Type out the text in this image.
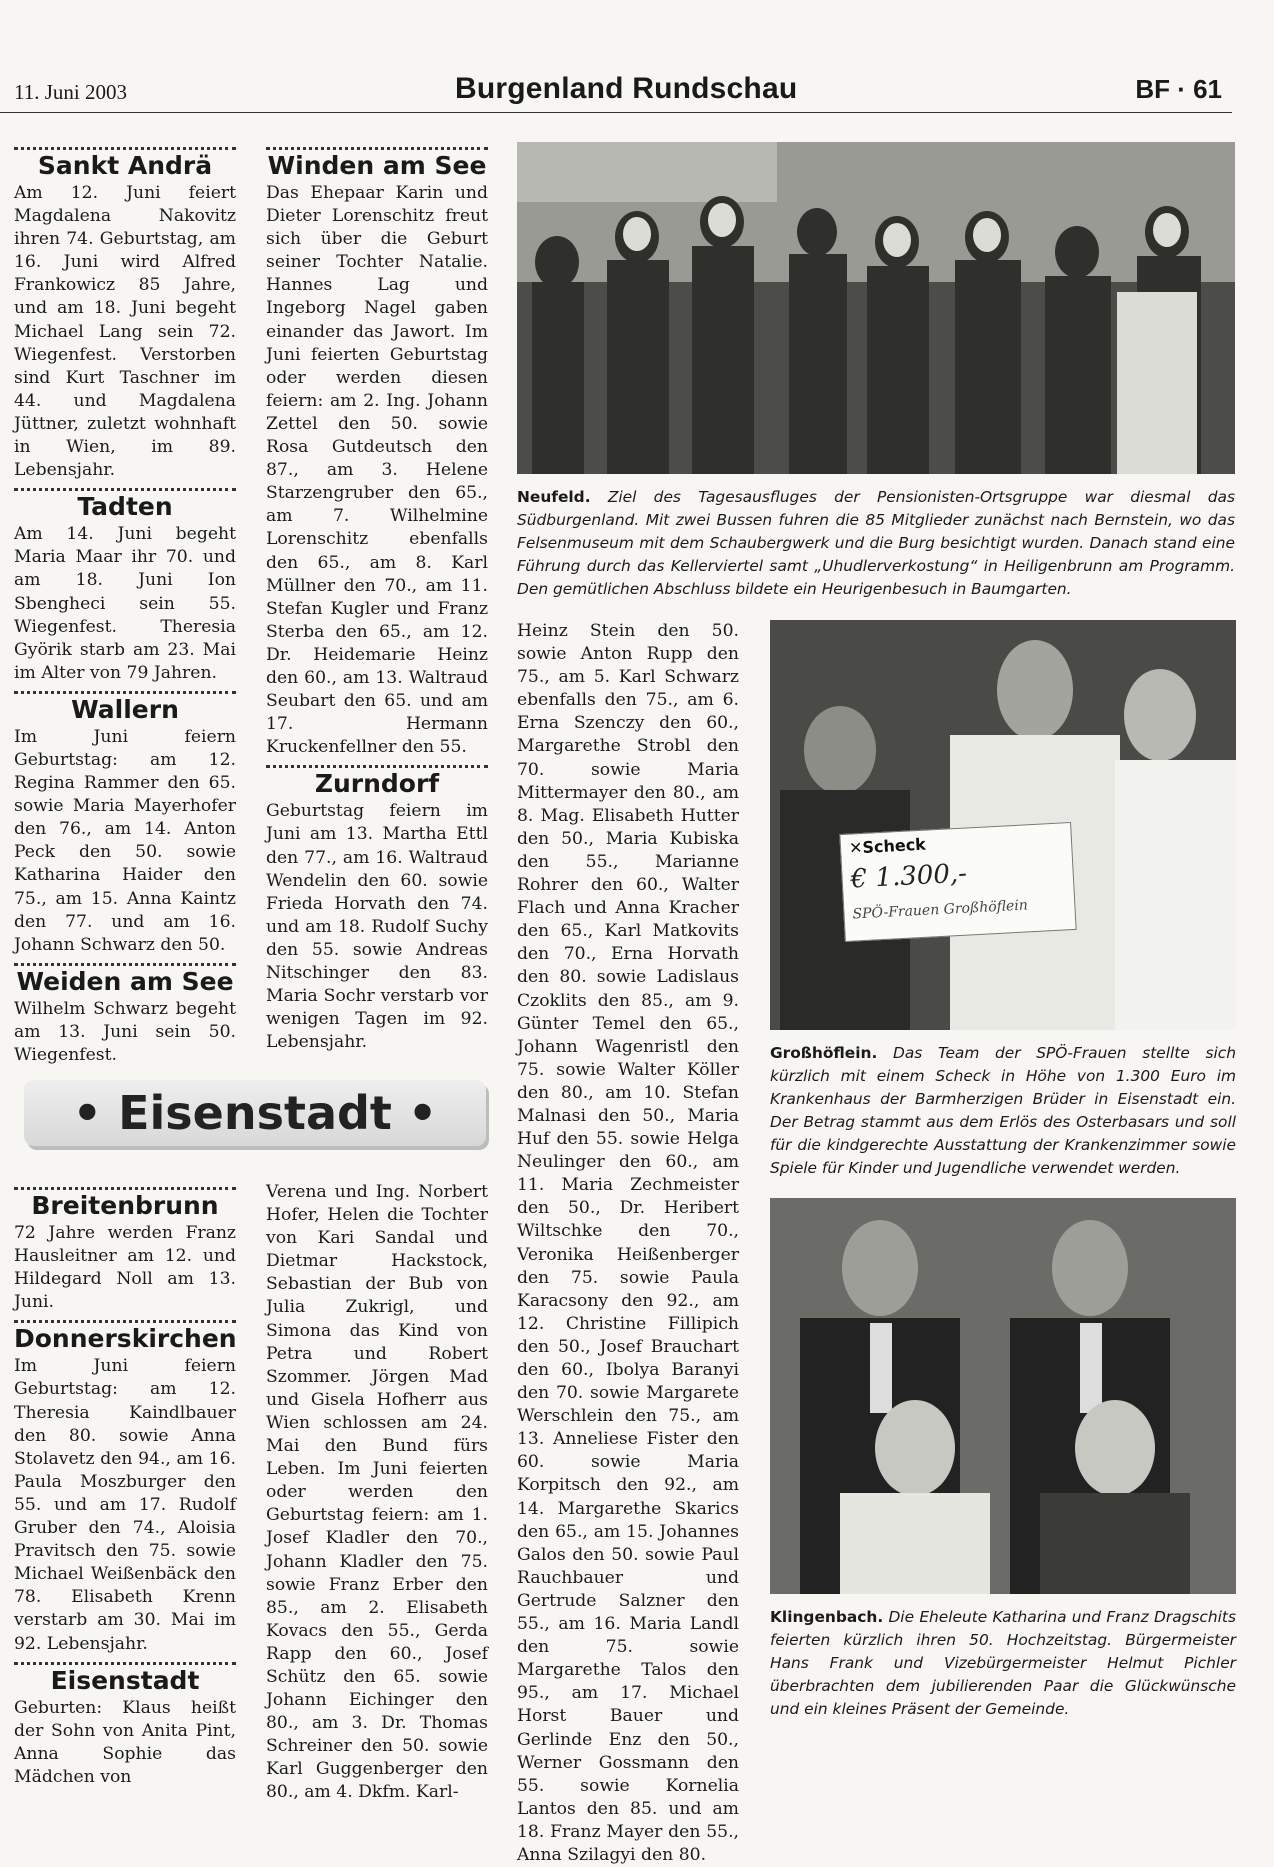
11. Juni 2003	Burgenland Rundschau	BF · 61
Sankt Andrä

Am 12. Juni feiert Magdalena Nakovitz ihren 74. Geburtstag, am 16. Juni wird Alfred Frankowicz 85 Jahre, und am 18. Juni begeht Michael Lang sein 72. Wiegenfest. Verstorben sind Kurt Taschner im 44. und Magdalena Jüttner, zuletzt wohnhaft in Wien, im 89. Lebensjahr.

Tadten

Am 14. Juni begeht Maria Maar ihr 70. und am 18. Juni Ion Sbengheci sein 55. Wiegenfest. Theresia Györik starb am 23. Mai im Alter von 79 Jahren.

Wallern

Im Juni feiern Geburtstag: am 12. Regina Rammer den 65. sowie Maria Mayerhofer den 76., am 14. Anton Peck den 50. sowie Katharina Haider den 75., am 15. Anna Kaintz den 77. und am 16. Johann Schwarz den 50.

Weiden am See

Wilhelm Schwarz begeht am 13. Juni sein 50. Wiegenfest.

Winden am See

Das Ehepaar Karin und Dieter Lorenschitz freut sich über die Geburt seiner Tochter Natalie. Hannes Lag und Ingeborg Nagel gaben einander das Jawort. Im Juni feierten Geburtstag oder werden diesen feiern: am 2. Ing. Johann Zettel den 50. sowie Rosa Gutdeutsch den 87., am 3. Helene Starzengruber den 65., am 7. Wilhelmine Lorenschitz ebenfalls den 65., am 8. Karl Müllner den 70., am 11. Stefan Kugler und Franz Sterba den 65., am 12. Dr. Heidemarie Heinz den 60., am 13. Waltraud Seubart den 65. und am 17. Hermann Kruckenfellner den 55.

Zurndorf

Geburtstag feiern im Juni am 13. Martha Ettl den 77., am 16. Waltraud Wendelin den 60. sowie Frieda Horvath den 74. und am 18. Rudolf Suchy den 55. sowie Andreas Nitschinger den 83. Maria Sochr verstarb vor wenigen Tagen im 92. Lebensjahr.

• Eisenstadt •
Breitenbrunn

72 Jahre werden Franz Hausleitner am 12. und Hildegard Noll am 13. Juni.

Donnerskirchen

Im Juni feiern Geburtstag: am 12. Theresia Kaindlbauer den 80. sowie Anna Stolavetz den 94., am 16. Paula Moszburger den 55. und am 17. Rudolf Gruber den 74., Aloisia Pravitsch den 75. sowie Michael Weißenbäck den 78. Elisabeth Krenn verstarb am 30. Mai im 92. Lebensjahr.

Eisenstadt

Geburten: Klaus heißt der Sohn von Anita Pint, Anna Sophie das Mädchen von

Verena und Ing. Norbert Hofer, Helen die Tochter von Kari Sandal und Dietmar Hackstock, Sebastian der Bub von Julia Zukrigl, und Simona das Kind von Petra und Robert Szommer. Jörgen Mad und Gisela Hofherr aus Wien schlossen am 24. Mai den Bund fürs Leben. Im Juni feierten oder werden den Geburtstag feiern: am 1. Josef Kladler den 70., Johann Kladler den 75. sowie Franz Erber den 85., am 2. Elisabeth Kovacs den 55., Gerda Rapp den 60., Josef Schütz den 65. sowie Johann Eichinger den 80., am 3. Dr. Thomas Schreiner den 50. sowie Karl Guggenberger den 80., am 4. Dkfm. Karl-

Heinz Stein den 50. sowie Anton Rupp den 75., am 5. Karl Schwarz ebenfalls den 75., am 6. Erna Szenczy den 60., Margarethe Strobl den 70. sowie Maria Mittermayer den 80., am 8. Mag. Elisabeth Hutter den 50., Maria Kubiska den 55., Marianne Rohrer den 60., Walter Flach und Anna Kracher den 65., Karl Matkovits den 70., Erna Horvath den 80. sowie Ladislaus Czoklits den 85., am 9. Günter Temel den 65., Johann Wagenristl den 75. sowie Walter Köller den 80., am 10. Stefan Malnasi den 50., Maria Huf den 55. sowie Helga Neulinger den 60., am 11. Maria Zechmeister den 50., Dr. Heribert Wiltschke den 70., Veronika Heißenberger den 75. sowie Paula Karacsony den 92., am 12. Christine Fillipich den 50., Josef Brauchart den 60., Ibolya Baranyi den 70. sowie Margarete Werschlein den 75., am 13. Anneliese Fister den 60. sowie Maria Korpitsch den 92., am 14. Margarethe Skarics den 65., am 15. Johannes Galos den 50. sowie Paul Rauchbauer und Gertrude Salzner den 55., am 16. Maria Landl den 75. sowie Margarethe Talos den 95., am 17. Michael Horst Bauer und Gerlinde Enz den 50., Werner Gossmann den 55. sowie Kornelia Lantos den 85. und am 18. Franz Mayer den 55., Anna Szilagyi den 80.

Neufeld. Ziel des Tagesausfluges der Pensionisten-Ortsgruppe war diesmal das Südburgenland. Mit zwei Bussen fuhren die 85 Mitglieder zunächst nach Bernstein, wo das Felsenmuseum mit dem Schaubergwerk und die Burg besichtigt wurden. Danach stand eine Führung durch das Kellerviertel samt „Uhudlerverkostung“ in Heiligenbrunn am Programm. Den gemütlichen Abschluss bildete ein Heurigenbesuch in Baumgarten.
✕Scheck
€ 1.300,-
SPÖ-Frauen Großhöflein
Großhöflein. Das Team der SPÖ-Frauen stellte sich kürzlich mit einem Scheck in Höhe von 1.300 Euro im Krankenhaus der Barmherzigen Brüder in Eisenstadt ein. Der Betrag stammt aus dem Erlös des Osterbasars und soll für die kindgerechte Ausstattung der Krankenzimmer sowie Spiele für Kinder und Jugendliche verwendet werden.
Klingenbach. Die Eheleute Katharina und Franz Dragschits feierten kürzlich ihren 50. Hochzeitstag. Bürgermeister Hans Frank und Vizebürgermeister Helmut Pichler überbrachten dem jubilierenden Paar die Glückwünsche und ein kleines Präsent der Gemeinde.
